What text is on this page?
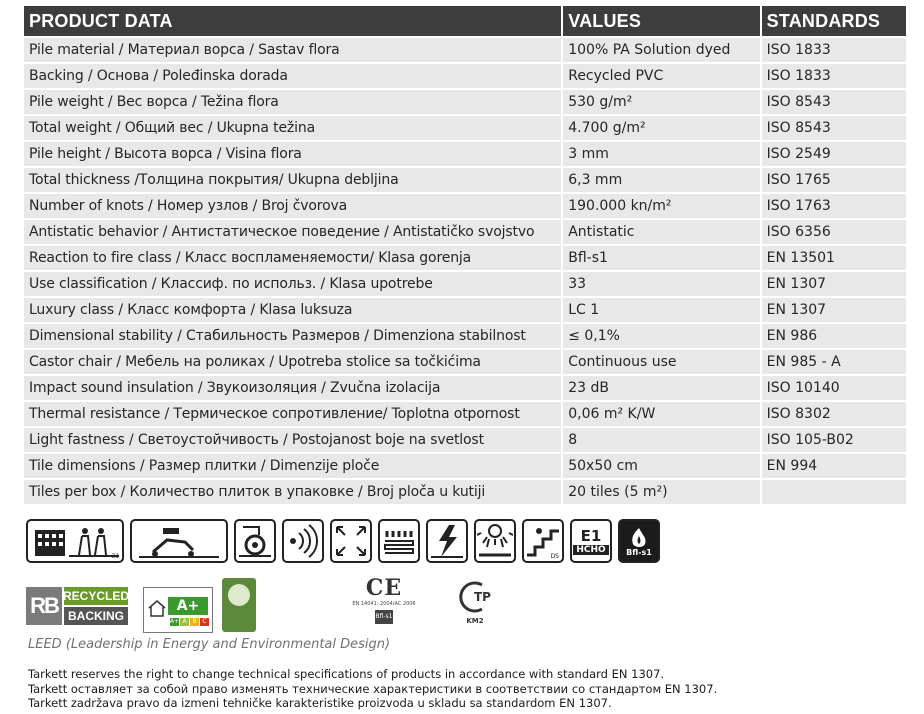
PRODUCT DATA	VALUES	STANDARDS
Pile material / Материал ворса / Sastav flora	100% PA Solution dyed	ISO 1833
Backing / Основа / Poleđinska dorada	Recycled PVC	ISO 1833
Pile weight / Вес ворса / Težina flora	530 g/m²	ISO 8543
Total weight / Общий вес / Ukupna težina	4.700 g/m²	ISO 8543
Pile height / Высота ворса / Visina flora	3 mm	ISO 2549
Total thickness /Толщина покрытия/ Ukupna debljina	6,3 mm	ISO 1765
Number of knots / Номер узлов / Broj čvorova	190.000 kn/m²	ISO 1763
Antistatic behavior / Антистатическое поведение / Antistatičko svojstvo	Antistatic	ISO 6356
Reaction to fire class / Класс воспламеняемости/ Klasa gorenja	Bfl-s1	EN 13501
Use classification / Классиф. по использ. / Klasa upotrebe	33	EN 1307
Luxury class / Класс комфорта / Klasa luksuza	LC 1	EN 1307
Dimensional stability / Стабильность Размеров / Dimenziona stabilnost	≤ 0,1%	EN 986
Castor chair / Мебель на роликах / Upotreba stolice sa točkićima	Continuous use	EN 985 - A
Impact sound insulation / Звукоизоляция / Zvučna izolacija	23 dB	ISO 10140
Thermal resistance / Термическое сопротивление/ Toplotna otpornost	0,06 m² K/W	ISO 8302
Light fastness / Светоустойчивость / Postojanost boje na svetlost	8	ISO 105-B02
Tile dimensions / Размер плитки / Dimenzije ploče	50x50 cm	EN 994
Tiles per box / Количество плиток в упаковке / Broj ploča u kutiji	20 tiles (5 m²)	
33	DS
E1
HCHO	Bfl-s1
RB RECYCLED
BACKING
A+
A+ A B C
CE
EN 14041: 2004/AC 2006
Bfl-s1
TP
KM2
LEED (Leadership in Energy and Environmental Design)
Tarkett reserves the right to change technical specifications of products in accordance with standard EN 1307.
Tarkett оставляет за собой право изменять технические характеристики в соответствии со стандартом EN 1307.
Tarkett zadržava pravo da izmeni tehničke karakteristike proizvoda u skladu sa standardom EN 1307.
